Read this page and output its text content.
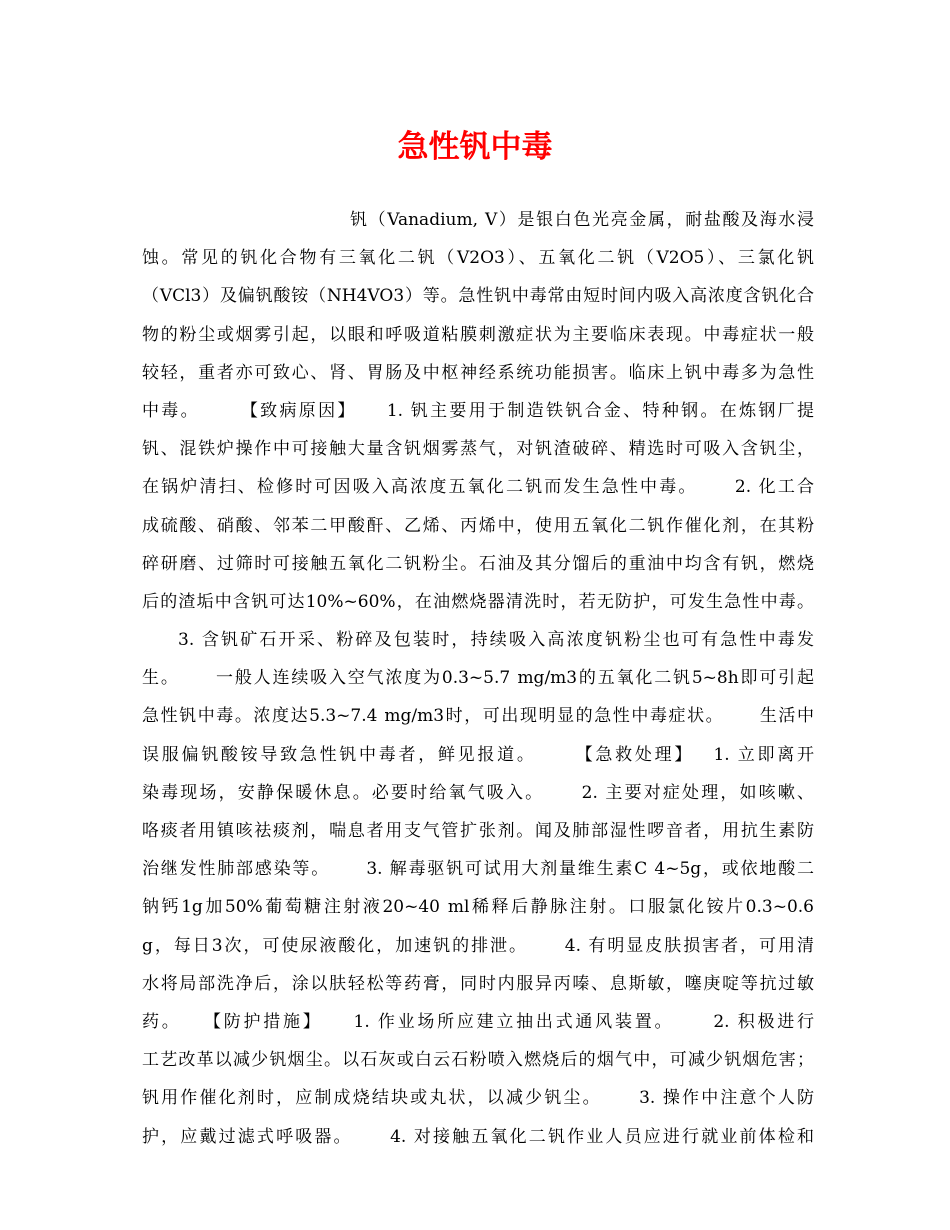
急性钒中毒
钒（Vanadium, V）是银白色光亮金属，耐盐酸及海水浸
蚀。常见的钒化合物有三氧化二钒（V2O3）、五氧化二钒（V2O5）、三氯化钒
（VCl3）及偏钒酸铵（NH4VO3）等。急性钒中毒常由短时间内吸入高浓度含钒化合
物的粉尘或烟雾引起，以眼和呼吸道粘膜刺激症状为主要临床表现。中毒症状一般
较轻，重者亦可致心、肾、胃肠及中枢神经系统功能损害。临床上钒中毒多为急性
中毒。　　　【致病原因】　　1. 钒主要用于制造铁钒合金、特种钢。在炼钢厂提
钒、混铁炉操作中可接触大量含钒烟雾蒸气，对钒渣破碎、精选时可吸入含钒尘，
在锅炉清扫、检修时可因吸入高浓度五氧化二钒而发生急性中毒。　　 2. 化工合
成硫酸、硝酸、邻苯二甲酸酐、乙烯、丙烯中，使用五氧化二钒作催化剂，在其粉
碎研磨、过筛时可接触五氧化二钒粉尘。石油及其分馏后的重油中均含有钒，燃烧
后的渣垢中含钒可达10%~60%，在油燃烧器清洗时，若无防护，可发生急性中毒。
3. 含钒矿石开采、粉碎及包装时，持续吸入高浓度钒粉尘也可有急性中毒发
生。　　 一般人连续吸入空气浓度为0.3~5.7 mg/m3的五氧化二钒5~8h即可引起
急性钒中毒。浓度达5.3~7.4 mg/m3时，可出现明显的急性中毒症状。　　 生活中
误服偏钒酸铵导致急性钒中毒者，鲜见报道。　　 【急救处理】　 1. 立即离开
染毒现场，安静保暖休息。必要时给氧气吸入。　　 2. 主要对症处理，如咳嗽、
咯痰者用镇咳祛痰剂，喘息者用支气管扩张剂。闻及肺部湿性啰音者，用抗生素防
治继发性肺部感染等。　　 3. 解毒驱钒可试用大剂量维生素C 4~5g，或依地酸二
钠钙1g加50%葡萄糖注射液20~40 ml稀释后静脉注射。口服氯化铵片0.3~0.6
g，每日3次，可使尿液酸化，加速钒的排泄。　　 4. 有明显皮肤损害者，可用清
水将局部洗净后，涂以肤轻松等药膏，同时内服异丙嗪、息斯敏，噻庚啶等抗过敏
药。　　【防护措施】　　1. 作业场所应建立抽出式通风装置。　　 2. 积极进行
工艺改革以减少钒烟尘。以石灰或白云石粉喷入燃烧后的烟气中，可减少钒烟危害；
钒用作催化剂时，应制成烧结块或丸状，以减少钒尘。　　 3. 操作中注意个人防
护，应戴过滤式呼吸器。　　 4. 对接触五氧化二钒作业人员应进行就业前体检和
